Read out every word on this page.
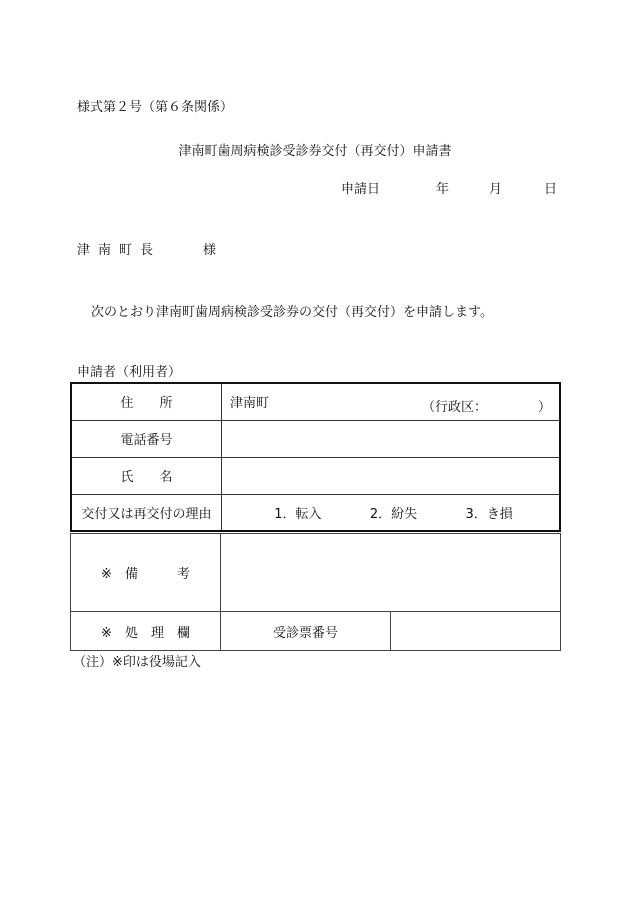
様式第２号（第６条関係）
津南町歯周病検診受診券交付（再交付）申請書
申請日	年	月	日
津南町長	様
次のとおり津南町歯周病検診受診券の交付（再交付）を申請します。
申請者（利用者）
住　　所	津南町 （行政区： ）

電話番号	
氏　　名	
交付又は再交付の理由	1．転入 2．紛失 3．き損
※　備　　　考		
※　処　理　欄	受診票番号	
（注）※印は役場記入
